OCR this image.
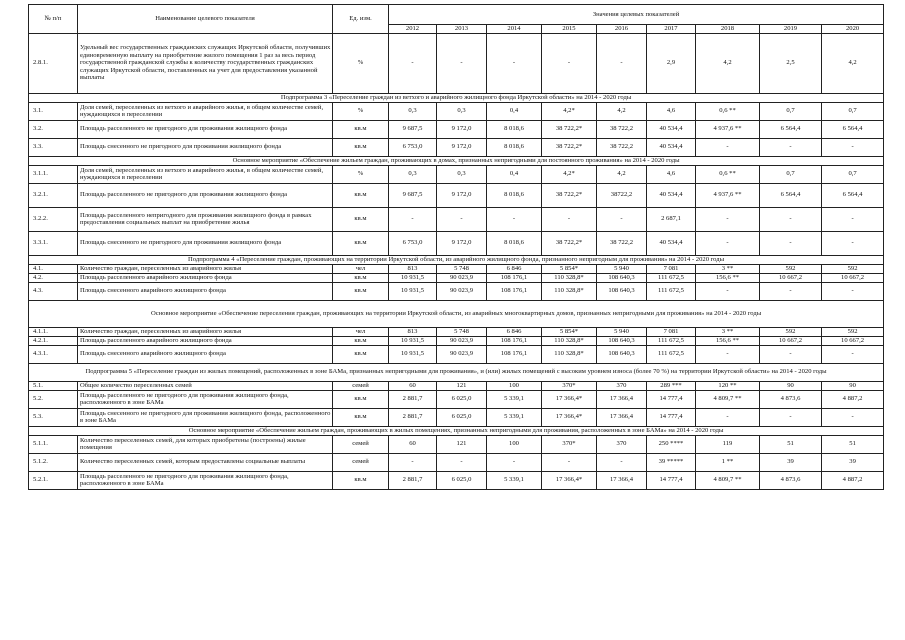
№ п/п	Наименование целевого показателя	Ед. изм.	Значения целевых показателей								
			2012	2013	2014	2015	2016	2017	2018	2019	2020
2.8.1.	Удельный вес государственных гражданских служащих Иркутской области, получивших единовременную выплату на приобретение жилого помещения 1 раз за весь период государственной гражданской службы к количеству государственных гражданских служащих Иркутской области, поставленных на учет для предоставления указанной выплаты	%	-	-	-	-	-	2,9	4,2	2,5	4,2
Подпрограмма 3 «Переселение граждан из ветхого и аварийного жилищного фонда Иркутской области» на 2014 - 2020 годы											
3.1.	Доля семей, переселенных из ветхого и аварийного жилья, в общем количестве семей, нуждающихся в переселении	%	0,3	0,3	0,4	4,2*	4,2	4,6	0,6 **	0,7	0,7
3.2.	Площадь расселенного не пригодного для проживания жилищного фонда	кв.м	9 687,5	9 172,0	8 018,6	38 722,2*	38 722,2	40 534,4	4 937,6 **	6 564,4	6 564,4
3.3.	Площадь снесенного не пригодного для проживания жилищного фонда	кв.м	6 753,0	9 172,0	8 018,6	38 722,2*	38 722,2	40 534,4	-	-	-
Основное мероприятие «Обеспечение жильем граждан, проживающих в домах, признанных непригодными для постоянного проживания» на 2014 - 2020 годы											
3.1.1.	Доля семей, переселенных из ветхого и аварийного жилья, в общем количестве семей, нуждающихся в переселении	%	0,3	0,3	0,4	4,2*	4,2	4,6	0,6 **	0,7	0,7
3.2.1.	Площадь расселенного не пригодного для проживания жилищного фонда	кв.м	9 687,5	9 172,0	8 018,6	38 722,2*	38722,2	40 534,4	4 937,6 **	6 564,4	6 564,4
3.2.2.	Площадь расселенного непригодного для проживания жилищного фонда в рамках предоставления социальных выплат на приобретение жилья	кв.м	-	-	-	-	-	2 687,1	-	-	-
3.3.1.	Площадь снесенного не пригодного для проживания жилищного фонда	кв.м	6 753,0	9 172,0	8 018,6	38 722,2*	38 722,2	40 534,4	-	-	-
Подпрограмма 4 «Переселение граждан, проживающих на территории Иркутской области, из аварийного жилищного фонда, признанного непригодным для проживания» на 2014 - 2020 годы											
4.1.	Количество граждан, переселенных из аварийного жилья	чел	813	5 748	6 846	5 854*	5 940	7 081	3 **	592	592
4.2.	Площадь расселенного аварийного жилищного фонда	кв.м	10 931,5	90 023,9	108 176,1	110 328,8*	108 640,3	111 672,5	156,6 **	10 667,2	10 667,2
4.3.	Площадь снесенного аварийного жилищного фонда	кв.м	10 931,5	90 023,9	108 176,1	110 328,8*	108 640,3	111 672,5	-	-	-
Основное мероприятие «Обеспечение переселения граждан, проживающих на территории Иркутской области, из аварийных многоквартирных домов, признанных непригодными для проживания» на 2014 - 2020 годы											
4.1.1.	Количество граждан, переселенных из аварийного жилья	чел	813	5 748	6 846	5 854*	5 940	7 081	3 **	592	592
4.2.1.	Площадь расселенного аварийного жилищного фонда	кв.м	10 931,5	90 023,9	108 176,1	110 328,8*	108 640,3	111 672,5	156,6 **	10 667,2	10 667,2
4.3.1.	Площадь снесенного аварийного жилищного фонда	кв.м	10 931,5	90 023,9	108 176,1	110 328,8*	108 640,3	111 672,5	-	-	-
Подпрограмма 5 «Переселение граждан из жилых помещений, расположенных в зоне БАМа, признанных непригодными для проживания», и (или) жилых помещений с высоким уровнем износа (более 70 %) на территории Иркутской области» на 2014 - 2020 годы											
5.1.	Общее количество переселенных семей	семей	60	121	100	370*	370	289 ***	120 **	90	90
5.2.	Площадь расселенного не пригодного для проживания жилищного фонда, расположенного в зоне БАМа	кв.м	2 881,7	6 025,0	5 339,1	17 366,4*	17 366,4	14 777,4	4 809,7 **	4 873,6	4 887,2
5.3.	Площадь снесенного не пригодного для проживания жилищного фонда, расположенного в зоне БАМа	кв.м	2 881,7	6 025,0	5 339,1	17 366,4*	17 366,4	14 777,4	-	-	-
Основное мероприятие «Обеспечение жильем граждан, проживающих в жилых помещениях, признанных непригодными для проживания, расположенных в зоне БАМа» на 2014 - 2020 годы											
5.1.1.	Количество переселенных семей, для которых приобретены (построены) жилые помещения	семей	60	121	100	370*	370	250 ****	119	51	51
5.1.2.	Количество переселенных семей, которым предоставлены социальные выплаты	семей	-	-	-	-	-	39 *****	1 **	39	39
5.2.1.	Площадь расселенного не пригодного для проживания жилищного фонда, расположенного в зоне БАМа	кв.м	2 881,7	6 025,0	5 339,1	17 366,4*	17 366,4	14 777,4	4 809,7 **	4 873,6	4 887,2
